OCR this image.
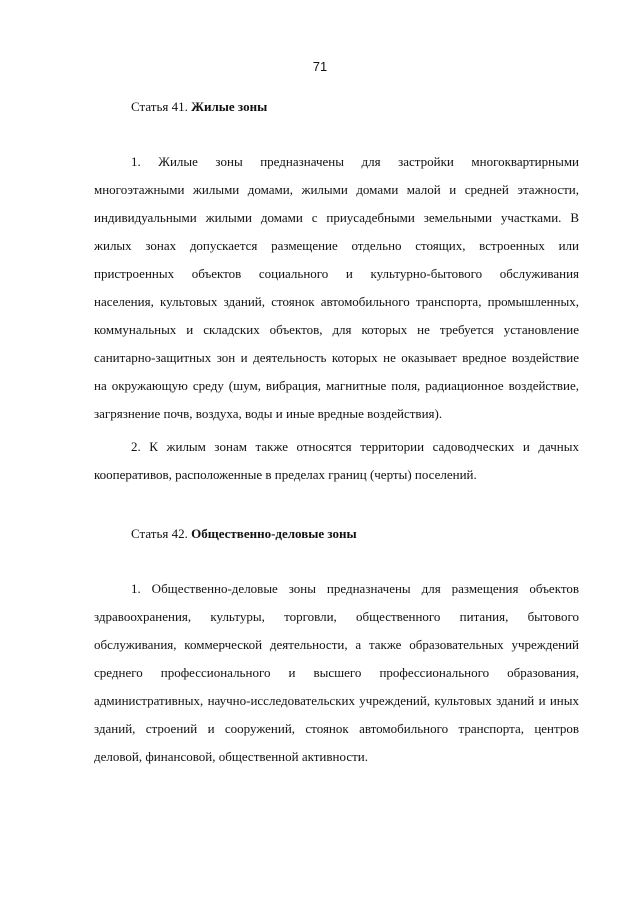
71
Статья 41. Жилые зоны
1. Жилые зоны предназначены для застройки многоквартирными
многоэтажными жилыми домами, жилыми домами малой и средней этажности,
индивидуальными жилыми домами с приусадебными земельными участками. В
жилых зонах допускается размещение отдельно стоящих, встроенных или
пристроенных объектов социального и культурно-бытового обслуживания
населения, культовых зданий, стоянок автомобильного транспорта, промышленных,
коммунальных и складских объектов, для которых не требуется установление
санитарно-защитных зон и деятельность которых не оказывает вредное воздействие
на окружающую среду (шум, вибрация, магнитные поля, радиационное воздействие,
загрязнение почв, воздуха, воды и иные вредные воздействия).
2. К жилым зонам также относятся территории садоводческих и дачных
кооперативов, расположенные в пределах границ (черты) поселений.
Статья 42. Общественно-деловые зоны
1. Общественно-деловые зоны предназначены для размещения объектов
здравоохранения, культуры, торговли, общественного питания, бытового
обслуживания, коммерческой деятельности, а также образовательных учреждений
среднего профессионального и высшего профессионального образования,
административных, научно-исследовательских учреждений, культовых зданий и иных
зданий, строений и сооружений, стоянок автомобильного транспорта, центров
деловой, финансовой, общественной активности.
